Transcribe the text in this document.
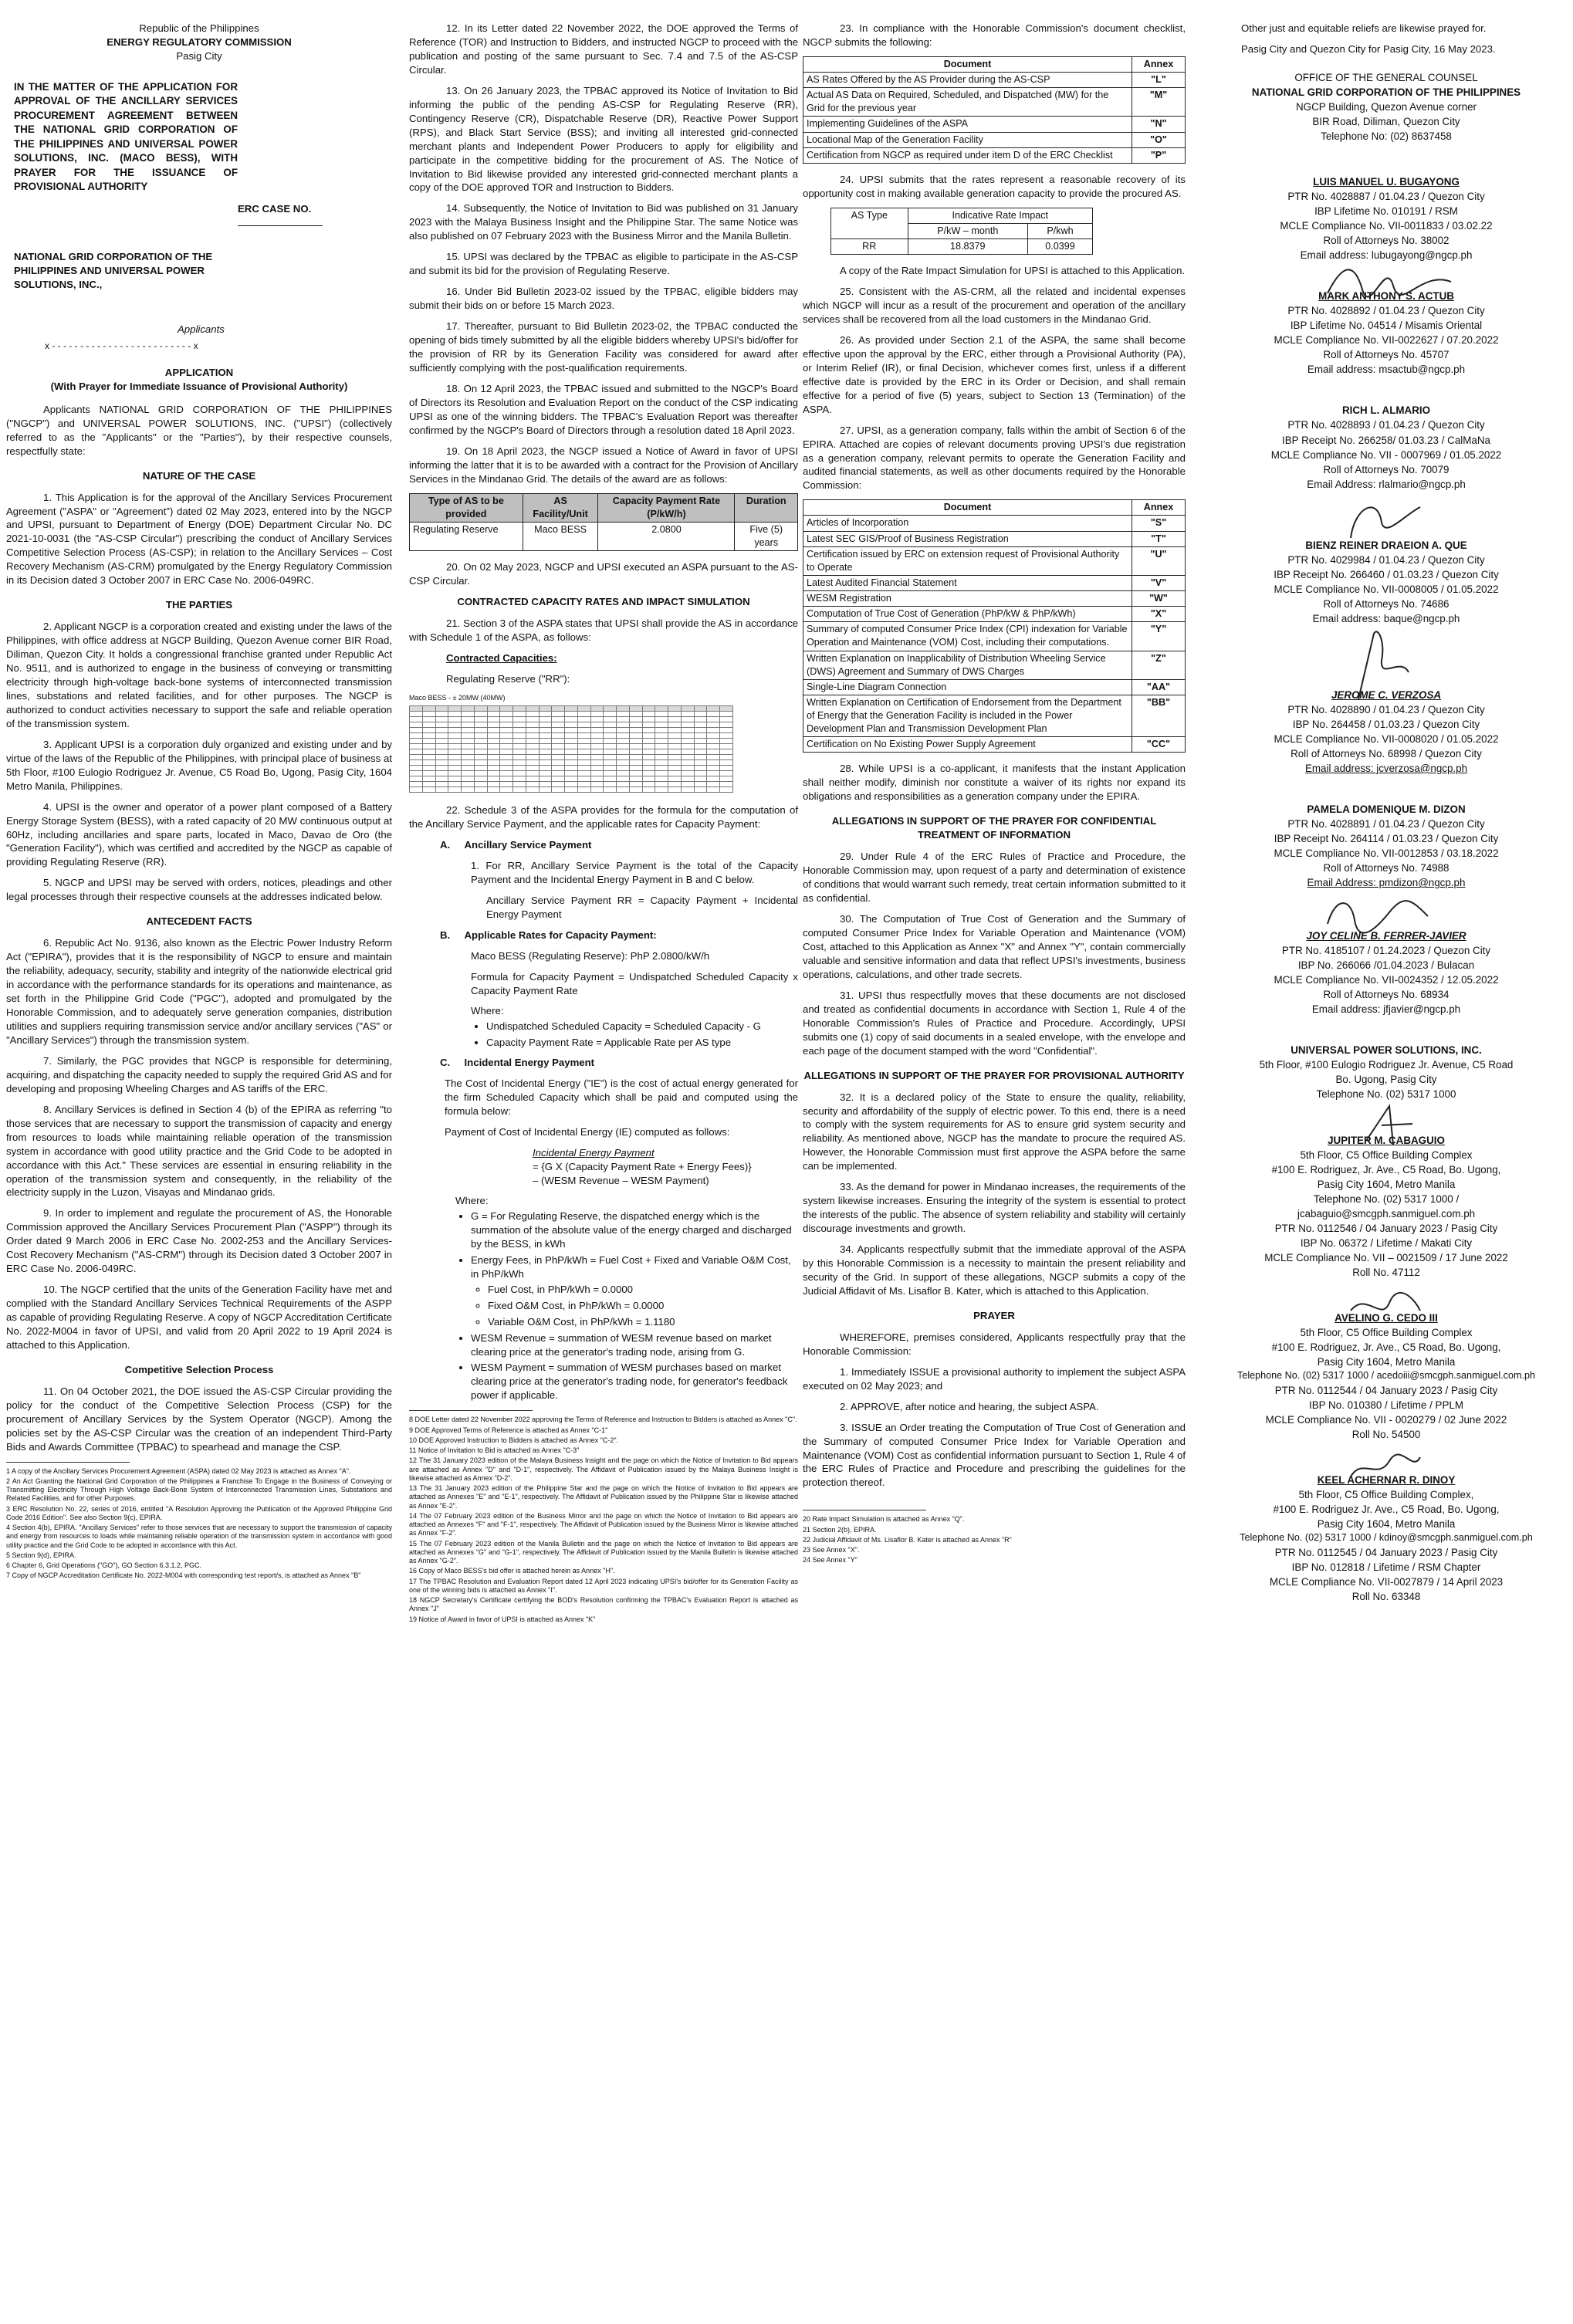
Republic of the Philippines
ENERGY REGULATORY COMMISSION
Pasig City
IN THE MATTER OF THE APPLICATION FOR APPROVAL OF THE ANCILLARY SERVICES PROCUREMENT AGREEMENT BETWEEN THE NATIONAL GRID CORPORATION OF THE PHILIPPINES AND UNIVERSAL POWER SOLUTIONS, INC. (MACO BESS), WITH PRAYER FOR THE ISSUANCE OF PROVISIONAL AUTHORITY
ERC CASE NO.
NATIONAL GRID CORPORATION OF THE PHILIPPINES AND UNIVERSAL POWER SOLUTIONS, INC.,
Applicants
x - - - - - - - - - - - - - - - - - - - - - - - - - x
APPLICATION
(With Prayer for Immediate Issuance of Provisional Authority)

Applicants NATIONAL GRID CORPORATION OF THE PHILIPPINES ("NGCP") and UNIVERSAL POWER SOLUTIONS, INC. ("UPSI") (collectively referred to as the "Applicants" or the "Parties"), by their respective counsels, respectfully state:

NATURE OF THE CASE

1. This Application is for the approval of the Ancillary Services Procurement Agreement ("ASPA" or "Agreement") dated 02 May 2023, entered into by the NGCP and UPSI, pursuant to Department of Energy (DOE) Department Circular No. DC 2021-10-0031 (the "AS-CSP Circular") prescribing the conduct of Ancillary Services Competitive Selection Process (AS-CSP); in relation to the Ancillary Services – Cost Recovery Mechanism (AS-CRM) promulgated by the Energy Regulatory Commission in its Decision dated 3 October 2007 in ERC Case No. 2006-049RC.

THE PARTIES

2. Applicant NGCP is a corporation created and existing under the laws of the Philippines, with office address at NGCP Building, Quezon Avenue corner BIR Road, Diliman, Quezon City. It holds a congressional franchise granted under Republic Act No. 9511, and is authorized to engage in the business of conveying or transmitting electricity through high-voltage back-bone systems of interconnected transmission lines, substations and related facilities, and for other purposes. The NGCP is authorized to conduct activities necessary to support the safe and reliable operation of the transmission system.

3. Applicant UPSI is a corporation duly organized and existing under and by virtue of the laws of the Republic of the Philippines, with principal place of business at 5th Floor, #100 Eulogio Rodriguez Jr. Avenue, C5 Road Bo, Ugong, Pasig City, 1604 Metro Manila, Philippines.

4. UPSI is the owner and operator of a power plant composed of a Battery Energy Storage System (BESS), with a rated capacity of 20 MW continuous output at 60Hz, including ancillaries and spare parts, located in Maco, Davao de Oro (the "Generation Facility"), which was certified and accredited by the NGCP as capable of providing Regulating Reserve (RR).

5. NGCP and UPSI may be served with orders, notices, pleadings and other legal processes through their respective counsels at the addresses indicated below.

ANTECEDENT FACTS

6. Republic Act No. 9136, also known as the Electric Power Industry Reform Act ("EPIRA"), provides that it is the responsibility of NGCP to ensure and maintain the reliability, adequacy, security, stability and integrity of the nationwide electrical grid in accordance with the performance standards for its operations and maintenance, as set forth in the Philippine Grid Code ("PGC"), adopted and promulgated by the Honorable Commission, and to adequately serve generation companies, distribution utilities and suppliers requiring transmission service and/or ancillary services ("AS" or "Ancillary Services") through the transmission system.

7. Similarly, the PGC provides that NGCP is responsible for determining, acquiring, and dispatching the capacity needed to supply the required Grid AS and for developing and proposing Wheeling Charges and AS tariffs of the ERC.

8. Ancillary Services is defined in Section 4 (b) of the EPIRA as referring "to those services that are necessary to support the transmission of capacity and energy from resources to loads while maintaining reliable operation of the transmission system in accordance with good utility practice and the Grid Code to be adopted in accordance with this Act." These services are essential in ensuring reliability in the operation of the transmission system and consequently, in the reliability of the electricity supply in the Luzon, Visayas and Mindanao grids.

9. In order to implement and regulate the procurement of AS, the Honorable Commission approved the Ancillary Services Procurement Plan ("ASPP") through its Order dated 9 March 2006 in ERC Case No. 2002-253 and the Ancillary Services-Cost Recovery Mechanism ("AS-CRM") through its Decision dated 3 October 2007 in ERC Case No. 2006-049RC.

10. The NGCP certified that the units of the Generation Facility have met and complied with the Standard Ancillary Services Technical Requirements of the ASPP as capable of providing Regulating Reserve. A copy of NGCP Accreditation Certificate No. 2022-M004 in favor of UPSI, and valid from 20 April 2022 to 19 April 2024 is attached to this Application.

Competitive Selection Process

11. On 04 October 2021, the DOE issued the AS-CSP Circular providing the policy for the conduct of the Competitive Selection Process (CSP) for the procurement of Ancillary Services by the System Operator (NGCP). Among the policies set by the AS-CSP Circular was the creation of an independent Third-Party Bids and Awards Committee (TPBAC) to spearhead and manage the CSP.

1 A copy of the Ancillary Services Procurement Agreement (ASPA) dated 02 May 2023 is attached as Annex "A".

2 An Act Granting the National Grid Corporation of the Philippines a Franchise To Engage in the Business of Conveying or Transmitting Electricity Through High Voltage Back-Bone System of Interconnected Transmission Lines, Substations and Related Facilities, and for other Purposes.

3 ERC Resolution No. 22, series of 2016, entitled "A Resolution Approving the Publication of the Approved Philippine Grid Code 2016 Edition". See also Section 9(c), EPIRA.

4 Section 4(b), EPIRA. "Ancillary Services" refer to those services that are necessary to support the transmission of capacity and energy from resources to loads while maintaining reliable operation of the transmission system in accordance with good utility practice and the Grid Code to be adopted in accordance with this Act.

5 Section 9(d), EPIRA.

6 Chapter 6, Grid Operations ("GO"), GO Section 6.3.1.2, PGC.

7 Copy of NGCP Accreditation Certificate No. 2022-M004 with corresponding test report/s, is attached as Annex "B"

12. In its Letter dated 22 November 2022, the DOE approved the Terms of Reference (TOR) and Instruction to Bidders, and instructed NGCP to proceed with the publication and posting of the same pursuant to Sec. 7.4 and 7.5 of the AS-CSP Circular.

13. On 26 January 2023, the TPBAC approved its Notice of Invitation to Bid informing the public of the pending AS-CSP for Regulating Reserve (RR), Contingency Reserve (CR), Dispatchable Reserve (DR), Reactive Power Support (RPS), and Black Start Service (BSS); and inviting all interested grid-connected merchant plants and Independent Power Producers to apply for eligibility and participate in the competitive bidding for the procurement of AS. The Notice of Invitation to Bid likewise provided any interested grid-connected merchant plants a copy of the DOE approved TOR and Instruction to Bidders.

14. Subsequently, the Notice of Invitation to Bid was published on 31 January 2023 with the Malaya Business Insight and the Philippine Star. The same Notice was also published on 07 February 2023 with the Business Mirror and the Manila Bulletin.

15. UPSI was declared by the TPBAC as eligible to participate in the AS-CSP and submit its bid for the provision of Regulating Reserve.

16. Under Bid Bulletin 2023-02 issued by the TPBAC, eligible bidders may submit their bids on or before 15 March 2023.

17. Thereafter, pursuant to Bid Bulletin 2023-02, the TPBAC conducted the opening of bids timely submitted by all the eligible bidders whereby UPSI's bid/offer for the provision of RR by its Generation Facility was considered for award after sufficiently complying with the post-qualification requirements.

18. On 12 April 2023, the TPBAC issued and submitted to the NGCP's Board of Directors its Resolution and Evaluation Report on the conduct of the CSP indicating UPSI as one of the winning bidders. The TPBAC's Evaluation Report was thereafter confirmed by the NGCP's Board of Directors through a resolution dated 18 April 2023.

19. On 18 April 2023, the NGCP issued a Notice of Award in favor of UPSI informing the latter that it is to be awarded with a contract for the Provision of Ancillary Services in the Mindanao Grid. The details of the award are as follows:

Type of AS to be provided	AS Facility/Unit	Capacity Payment Rate (P/kW/h)	Duration
Regulating Reserve	Maco BESS	2.0800	Five (5) years

20. On 02 May 2023, NGCP and UPSI executed an ASPA pursuant to the AS-CSP Circular.

CONTRACTED CAPACITY RATES AND IMPACT SIMULATION

21. Section 3 of the ASPA states that UPSI shall provide the AS in accordance with Schedule 1 of the ASPA, as follows:

Contracted Capacities:

Regulating Reserve ("RR"):

Maco BESS - ± 20MW (40MW)

22. Schedule 3 of the ASPA provides for the formula for the computation of the Ancillary Service Payment, and the applicable rates for Capacity Payment:

A. Ancillary Service Payment

1. For RR, Ancillary Service Payment is the total of the Capacity Payment and the Incidental Energy Payment in B and C below.

Ancillary Service Payment RR = Capacity Payment + Incidental Energy Payment

B. Applicable Rates for Capacity Payment:

Maco BESS (Regulating Reserve): PhP 2.0800/kW/h

Formula for Capacity Payment = Undispatched Scheduled Capacity x Capacity Payment Rate

Where:
• Undispatched Scheduled Capacity = Scheduled Capacity - G
• Capacity Payment Rate = Applicable Rate per AS type

C. Incidental Energy Payment

The Cost of Incidental Energy ("IE") is the cost of actual energy generated for the firm Scheduled Capacity which shall be paid and computed using the formula below:

Payment of Cost of Incidental Energy (IE) computed as follows:

Incidental Energy Payment
= {G X (Capacity Payment Rate + Energy Fees)}
– (WESM Revenue – WESM Payment)
Where:
• G = For Regulating Reserve, the dispatched energy which is the summation of the absolute value of the energy charged and discharged by the BESS, in kWh
• Energy Fees, in PhP/kWh = Fuel Cost + Fixed and Variable O&M Cost, in PhP/kWh
◦ Fuel Cost, in PhP/kWh = 0.0000
◦ Fixed O&M Cost, in PhP/kWh = 0.0000
◦ Variable O&M Cost, in PhP/kWh = 1.1180
• WESM Revenue = summation of WESM revenue based on market clearing price at the generator's trading node, arising from G.
• WESM Payment = summation of WESM purchases based on market clearing price at the generator's trading node, for generator's feedback power if applicable.

8 DOE Letter dated 22 November 2022 approving the Terms of Reference and Instruction to Bidders is attached as Annex "C".

9 DOE Approved Terms of Reference is attached as Annex "C-1"

10 DOE Approved Instruction to Bidders is attached as Annex "C-2".

11 Notice of Invitation to Bid is attached as Annex "C-3"

12 The 31 January 2023 edition of the Malaya Business Insight and the page on which the Notice of Invitation to Bid appears are attached as Annex "D" and "D-1", respectively. The Affidavit of Publication issued by the Malaya Business Insight is likewise attached as Annex "D-2".

13 The 31 January 2023 edition of the Philippine Star and the page on which the Notice of Invitation to Bid appears are attached as Annexes "E" and "E-1", respectively. The Affidavit of Publication issued by the Philippine Star is likewise attached as Annex "E-2".

14 The 07 February 2023 edition of the Business Mirror and the page on which the Notice of Invitation to Bid appears are attached as Annexes "F" and "F-1", respectively. The Affidavit of Publication issued by the Business Mirror is likewise attached as Annex "F-2".

15 The 07 February 2023 edition of the Manila Bulletin and the page on which the Notice of Invitation to Bid appears are attached as Annexes "G" and "G-1", respectively. The Affidavit of Publication issued by the Manila Bulletin is likewise attached as Annex "G-2".

16 Copy of Maco BESS's bid offer is attached herein as Annex "H".

17 The TPBAC Resolution and Evaluation Report dated 12 April 2023 indicating UPSI's bid/offer for its Generation Facility as one of the winning bids is attached as Annex "I".

18 NGCP Secretary's Certificate certifying the BOD's Resolution confirming the TPBAC's Evaluation Report is attached as Annex "J"

19 Notice of Award in favor of UPSI is attached as Annex "K"

23. In compliance with the Honorable Commission's document checklist, NGCP submits the following:

Document	Annex
AS Rates Offered by the AS Provider during the AS-CSP	"L"
Actual AS Data on Required, Scheduled, and Dispatched (MW) for the Grid for the previous year	"M"
Implementing Guidelines of the ASPA	"N"
Locational Map of the Generation Facility	"O"
Certification from NGCP as required under item D of the ERC Checklist	"P"

24. UPSI submits that the rates represent a reasonable recovery of its opportunity cost in making available generation capacity to provide the procured AS.

AS Type	Indicative Rate Impact	
	P/kW – month	P/kwh
RR	18.8379	0.0399

A copy of the Rate Impact Simulation for UPSI is attached to this Application.

25. Consistent with the AS-CRM, all the related and incidental expenses which NGCP will incur as a result of the procurement and operation of the ancillary services shall be recovered from all the load customers in the Mindanao Grid.

26. As provided under Section 2.1 of the ASPA, the same shall become effective upon the approval by the ERC, either through a Provisional Authority (PA), or Interim Relief (IR), or final Decision, whichever comes first, unless if a different effective date is provided by the ERC in its Order or Decision, and shall remain effective for a period of five (5) years, subject to Section 13 (Termination) of the ASPA.

27. UPSI, as a generation company, falls within the ambit of Section 6 of the EPIRA. Attached are copies of relevant documents proving UPSI's due registration as a generation company, relevant permits to operate the Generation Facility and audited financial statements, as well as other documents required by the Honorable Commission:

Document	Annex
Articles of Incorporation	"S"
Latest SEC GIS/Proof of Business Registration	"T"
Certification issued by ERC on extension request of Provisional Authority to Operate	"U"
Latest Audited Financial Statement	"V"
WESM Registration	"W"
Computation of True Cost of Generation (PhP/kW & PhP/kWh)	"X"
Summary of computed Consumer Price Index (CPI) indexation for Variable Operation and Maintenance (VOM) Cost, including their computations.	"Y"
Written Explanation on Inapplicability of Distribution Wheeling Service (DWS) Agreement and Summary of DWS Charges	"Z"
Single-Line Diagram Connection	"AA"
Written Explanation on Certification of Endorsement from the Department of Energy that the Generation Facility is included in the Power Development Plan and Transmission Development Plan	"BB"
Certification on No Existing Power Supply Agreement	"CC"

28. While UPSI is a co-applicant, it manifests that the instant Application shall neither modify, diminish nor constitute a waiver of its rights nor expand its obligations and responsibilities as a generation company under the EPIRA.

ALLEGATIONS IN SUPPORT OF THE PRAYER FOR CONFIDENTIAL TREATMENT OF INFORMATION

29. Under Rule 4 of the ERC Rules of Practice and Procedure, the Honorable Commission may, upon request of a party and determination of existence of conditions that would warrant such remedy, treat certain information submitted to it as confidential.

30. The Computation of True Cost of Generation and the Summary of computed Consumer Price Index for Variable Operation and Maintenance (VOM) Cost, attached to this Application as Annex "X" and Annex "Y", contain commercially valuable and sensitive information and data that reflect UPSI's investments, business operations, calculations, and other trade secrets.

31. UPSI thus respectfully moves that these documents are not disclosed and treated as confidential documents in accordance with Section 1, Rule 4 of the Honorable Commission's Rules of Practice and Procedure. Accordingly, UPSI submits one (1) copy of said documents in a sealed envelope, with the envelope and each page of the document stamped with the word "Confidential".

ALLEGATIONS IN SUPPORT OF THE PRAYER FOR PROVISIONAL AUTHORITY

32. It is a declared policy of the State to ensure the quality, reliability, security and affordability of the supply of electric power. To this end, there is a need to comply with the system requirements for AS to ensure grid system security and reliability. As mentioned above, NGCP has the mandate to procure the required AS. However, the Honorable Commission must first approve the ASPA before the same can be implemented.

33. As the demand for power in Mindanao increases, the requirements of the system likewise increases. Ensuring the integrity of the system is essential to protect the interests of the public. The absence of system reliability and stability will certainly discourage investments and growth.

34. Applicants respectfully submit that the immediate approval of the ASPA by this Honorable Commission is a necessity to maintain the present reliability and security of the Grid. In support of these allegations, NGCP submits a copy of the Judicial Affidavit of Ms. Lisaflor B. Kater, which is attached to this Application.

PRAYER

WHEREFORE, premises considered, Applicants respectfully pray that the Honorable Commission:

1. Immediately ISSUE a provisional authority to implement the subject ASPA executed on 02 May 2023; and

2. APPROVE, after notice and hearing, the subject ASPA.

3. ISSUE an Order treating the Computation of True Cost of Generation and the Summary of computed Consumer Price Index for Variable Operation and Maintenance (VOM) Cost as confidential information pursuant to Section 1, Rule 4 of the ERC Rules of Practice and Procedure and prescribing the guidelines for the protection thereof.

20 Rate Impact Simulation is attached as Annex "Q".

21 Section 2(b), EPIRA.

22 Judicial Affidavit of Ms. Lisaflor B. Kater is attached as Annex "R"

23 See Annex "X".

24 See Annex "Y"

Other just and equitable reliefs are likewise prayed for.

Pasig City and Quezon City for Pasig City, 16 May 2023.

OFFICE OF THE GENERAL COUNSEL
NATIONAL GRID CORPORATION OF THE PHILIPPINES
NGCP Building, Quezon Avenue corner
BIR Road, Diliman, Quezon City
Telephone No: (02) 8637458
LUIS MANUEL U. BUGAYONG
PTR No. 4028887 / 01.04.23 / Quezon City
IBP Lifetime No. 010191 / RSM
MCLE Compliance No. VII-0011833 / 03.02.22
Roll of Attorneys No. 38002
Email address: lubugayong@ngcp.ph
MARK ANTHONY S. ACTUB
PTR No. 4028892 / 01.04.23 / Quezon City
IBP Lifetime No. 04514 / Misamis Oriental
MCLE Compliance No. VII-0022627 / 07.20.2022
Roll of Attorneys No. 45707
Email address: msactub@ngcp.ph
RICH L. ALMARIO
PTR No. 4028893 / 01.04.23 / Quezon City
IBP Receipt No. 266258/ 01.03.23 / CalMaNa
MCLE Compliance No. VII - 0007969 / 01.05.2022
Roll of Attorneys No. 70079
Email Address: rlalmario@ngcp.ph
BIENZ REINER DRAEION A. QUE
PTR No. 4029984 / 01.04.23 / Quezon City
IBP Receipt No. 266460 / 01.03.23 / Quezon City
MCLE Compliance No. VII-0008005 / 01.05.2022
Roll of Attorneys No. 74686
Email address: baque@ngcp.ph
JEROME C. VERZOSA
PTR No. 4028890 / 01.04.23 / Quezon City
IBP No. 264458 / 01.03.23 / Quezon City
MCLE Compliance No. VII-0008020 / 01.05.2022
Roll of Attorneys No. 68998 / Quezon City
Email address: jcverzosa@ngcp.ph
PAMELA DOMENIQUE M. DIZON
PTR No. 4028891 / 01.04.23 / Quezon City
IBP Receipt No. 264114 / 01.03.23 / Quezon City
MCLE Compliance No. VII-0012853 / 03.18.2022
Roll of Attorneys No. 74988
Email Address: pmdizon@ngcp.ph
JOY CELINE B. FERRER-JAVIER
PTR No. 4185107 / 01.24.2023 / Quezon City
IBP No. 266066 /01.04.2023 / Bulacan
MCLE Compliance No. VII-0024352 / 12.05.2022
Roll of Attorneys No. 68934
Email address: jfjavier@ngcp.ph
UNIVERSAL POWER SOLUTIONS, INC.
5th Floor, #100 Eulogio Rodriguez Jr. Avenue, C5 Road
Bo. Ugong, Pasig City
Telephone No. (02) 5317 1000
JUPITER M. CABAGUIO
5th Floor, C5 Office Building Complex
#100 E. Rodriguez, Jr. Ave., C5 Road, Bo. Ugong,
Pasig City 1604, Metro Manila
Telephone No. (02) 5317 1000 /
jcabaguio@smcgph.sanmiguel.com.ph
PTR No. 0112546 / 04 January 2023 / Pasig City
IBP No. 06372 / Lifetime / Makati City
MCLE Compliance No. VII – 0021509 / 17 June 2022
Roll No. 47112
AVELINO G. CEDO III
5th Floor, C5 Office Building Complex
#100 E. Rodriguez, Jr. Ave., C5 Road, Bo. Ugong,
Pasig City 1604, Metro Manila
Telephone No. (02) 5317 1000 / acedoiii@smcgph.sanmiguel.com.ph
PTR No. 0112544 / 04 January 2023 / Pasig City
IBP No. 010380 / Lifetime / PPLM
MCLE Compliance No. VII - 0020279 / 02 June 2022
Roll No. 54500
KEEL ACHERNAR R. DINOY
5th Floor, C5 Office Building Complex,
#100 E. Rodriguez Jr. Ave., C5 Road, Bo. Ugong,
Pasig City 1604, Metro Manila
Telephone No. (02) 5317 1000 / kdinoy@smcgph.sanmiguel.com.ph
PTR No. 0112545 / 04 January 2023 / Pasig City
IBP No. 012818 / Lifetime / RSM Chapter
MCLE Compliance No. VII-0027879 / 14 April 2023
Roll No. 63348
